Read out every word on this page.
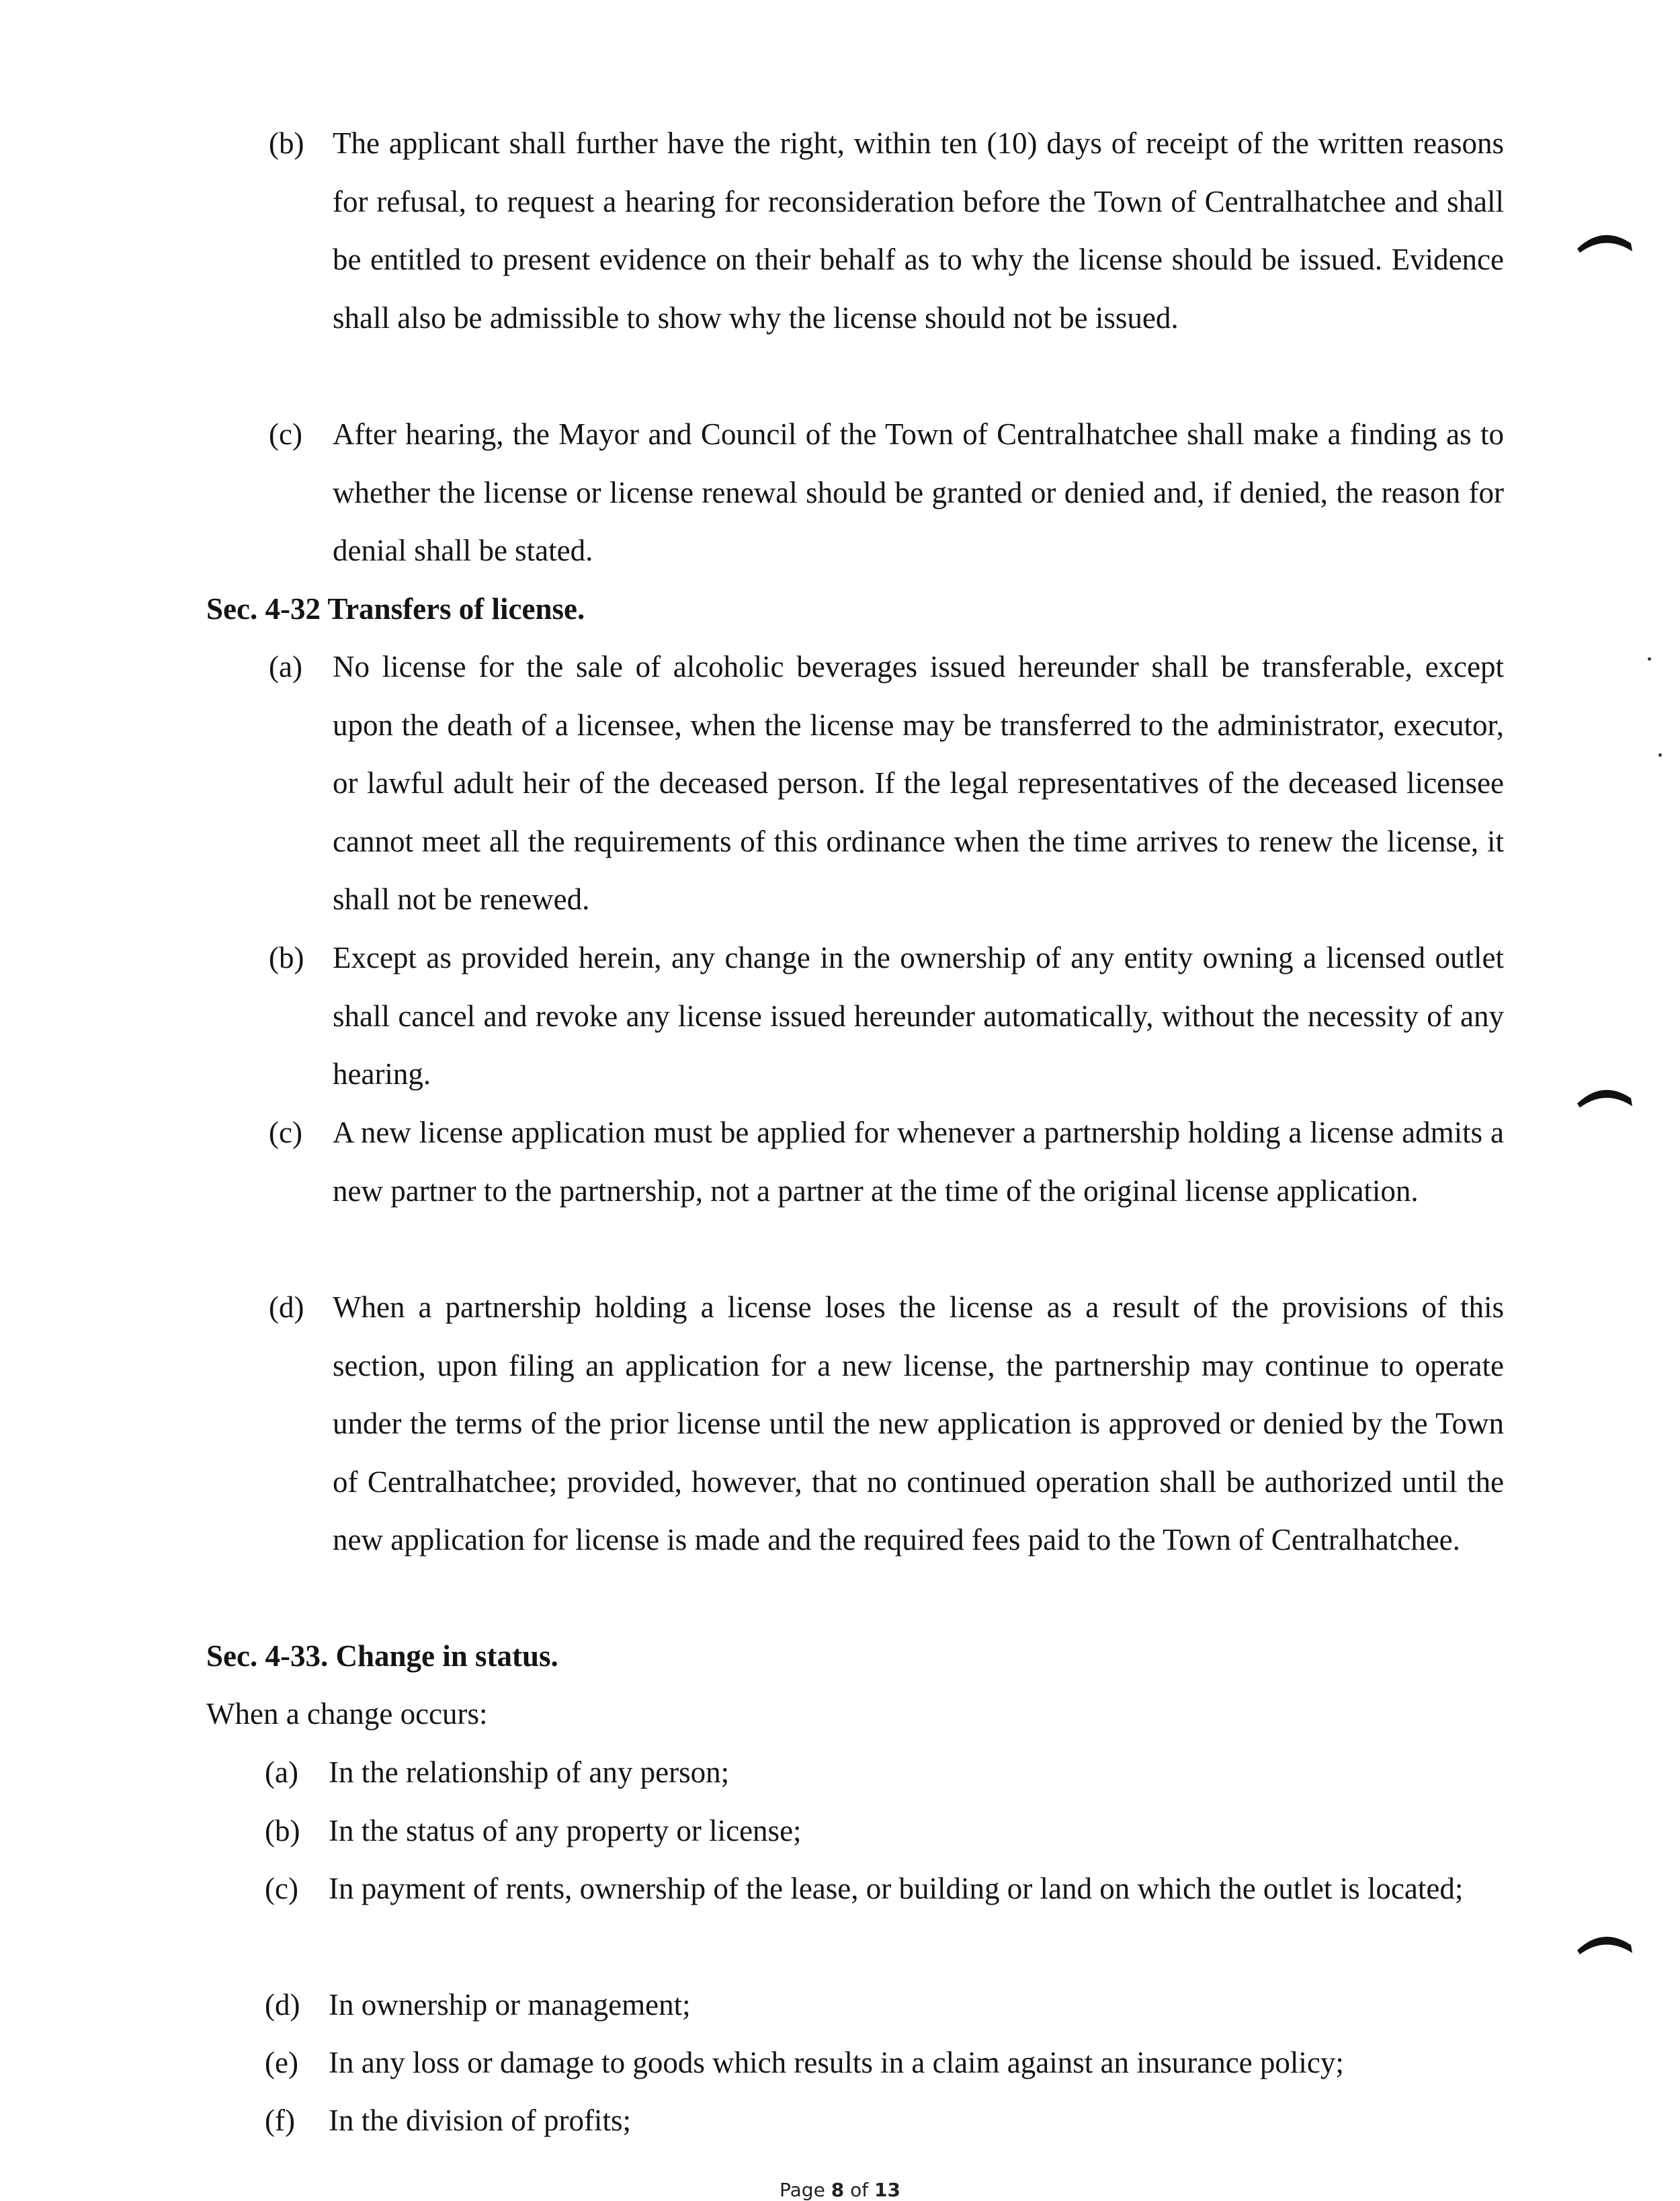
(b) The applicant shall further have the right, within ten (10) days of receipt of the written reasons for refusal, to request a hearing for reconsideration before the Town of Centralhatchee and shall be entitled to present evidence on their behalf as to why the license should be issued. Evidence shall also be admissible to show why the license should not be issued.
(c)	After hearing, the Mayor and Council of the Town of Centralhatchee shall make a finding as to whether the license or license renewal should be granted or denied and, if denied, the reason for denial shall be stated.
Sec. 4-32 Transfers of license.
(a)	No license for the sale of alcoholic beverages issued hereunder shall be transferable, except upon the death of a licensee, when the license may be transferred to the administrator, executor, or lawful adult heir of the deceased person. If the legal representatives of the deceased licensee cannot meet all the requirements of this ordinance when the time arrives to renew the license, it shall not be renewed.
(b) Except as provided herein, any change in the ownership of any entity owning a licensed outlet shall cancel and revoke any license issued hereunder automatically, without the necessity of any hearing.
(c)	A new license application must be applied for whenever a partnership holding a license admits a new partner to the partnership, not a partner at the time of the original license application.
(d) When a partnership holding a license loses the license as a result of the provisions of this section, upon filing an application for a new license, the partnership may continue to operate under the terms of the prior license until the new application is approved or denied by the Town of Centralhatchee; provided, however, that no continued operation shall be authorized until the new application for license is made and the required fees paid to the Town of Centralhatchee.
Sec. 4-33. Change in status.
When a change occurs:
(a)	In the relationship of any person;
(b) In the status of any property or license;
(c)	In payment of rents, ownership of the lease, or building or land on which the outlet is located;
(d) In ownership or management;
(e)	In any loss or damage to goods which results in a claim against an insurance policy;
(f)	In the division of profits;
Page 8 of 13
